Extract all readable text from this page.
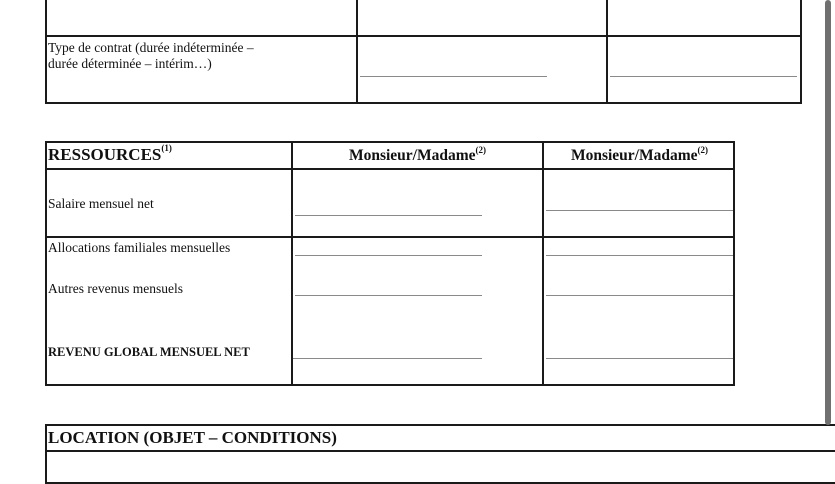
Type de contrat (durée indéterminée –
durée déterminée – intérim…)
RESSOURCES$^{(1)}$	Monsieur/Madame$^{(2)}$	Monsieur/Madame$^{(2)}$
Salaire mensuel net
Allocations familiales mensuelles
Autres revenus mensuels
REVENU GLOBAL MENSUEL NET
LOCATION (OBJET – CONDITIONS)
